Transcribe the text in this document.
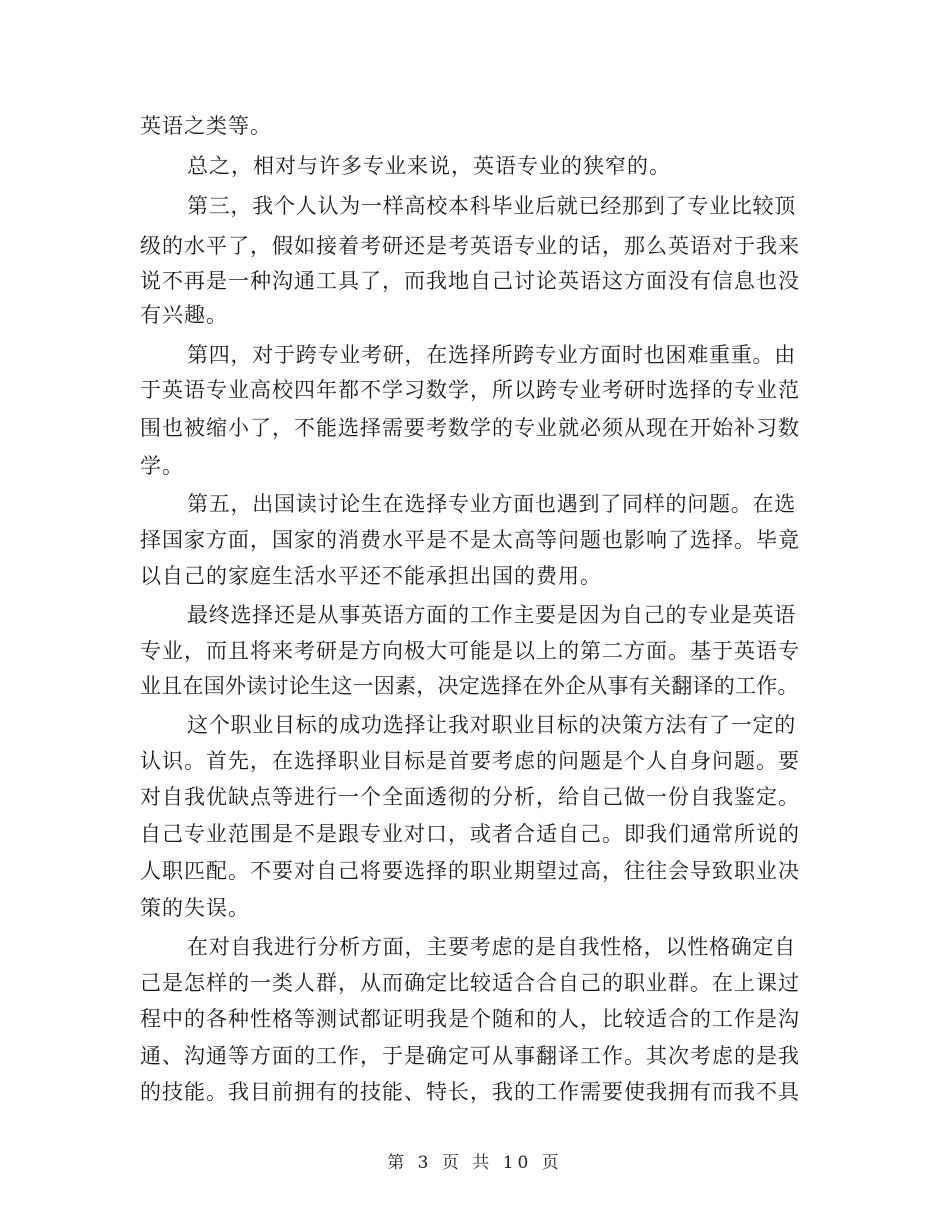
英语之类等。
总之，相对与许多专业来说，英语专业的狭窄的。
第三，我个人认为一样高校本科毕业后就已经那到了专业比较顶
级的水平了，假如接着考研还是考英语专业的话，那么英语对于我来
说不再是一种沟通工具了，而我地自己讨论英语这方面没有信息也没
有兴趣。
第四，对于跨专业考研，在选择所跨专业方面时也困难重重。由
于英语专业高校四年都不学习数学，所以跨专业考研时选择的专业范
围也被缩小了，不能选择需要考数学的专业就必须从现在开始补习数
学。
第五，出国读讨论生在选择专业方面也遇到了同样的问题。在选
择国家方面，国家的消费水平是不是太高等问题也影响了选择。毕竟
以自己的家庭生活水平还不能承担出国的费用。
最终选择还是从事英语方面的工作主要是因为自己的专业是英语
专业，而且将来考研是方向极大可能是以上的第二方面。基于英语专
业且在国外读讨论生这一因素，决定选择在外企从事有关翻译的工作。
这个职业目标的成功选择让我对职业目标的决策方法有了一定的
认识。首先，在选择职业目标是首要考虑的问题是个人自身问题。要
对自我优缺点等进行一个全面透彻的分析，给自己做一份自我鉴定。
自己专业范围是不是跟专业对口，或者合适自己。即我们通常所说的
人职匹配。不要对自己将要选择的职业期望过高，往往会导致职业决
策的失误。
在对自我进行分析方面，主要考虑的是自我性格，以性格确定自
己是怎样的一类人群，从而确定比较适合合自己的职业群。在上课过
程中的各种性格等测试都证明我是个随和的人，比较适合的工作是沟
通、沟通等方面的工作，于是确定可从事翻译工作。其次考虑的是我
的技能。我目前拥有的技能、特长，我的工作需要使我拥有而我不具
第 3 页 共 10 页
